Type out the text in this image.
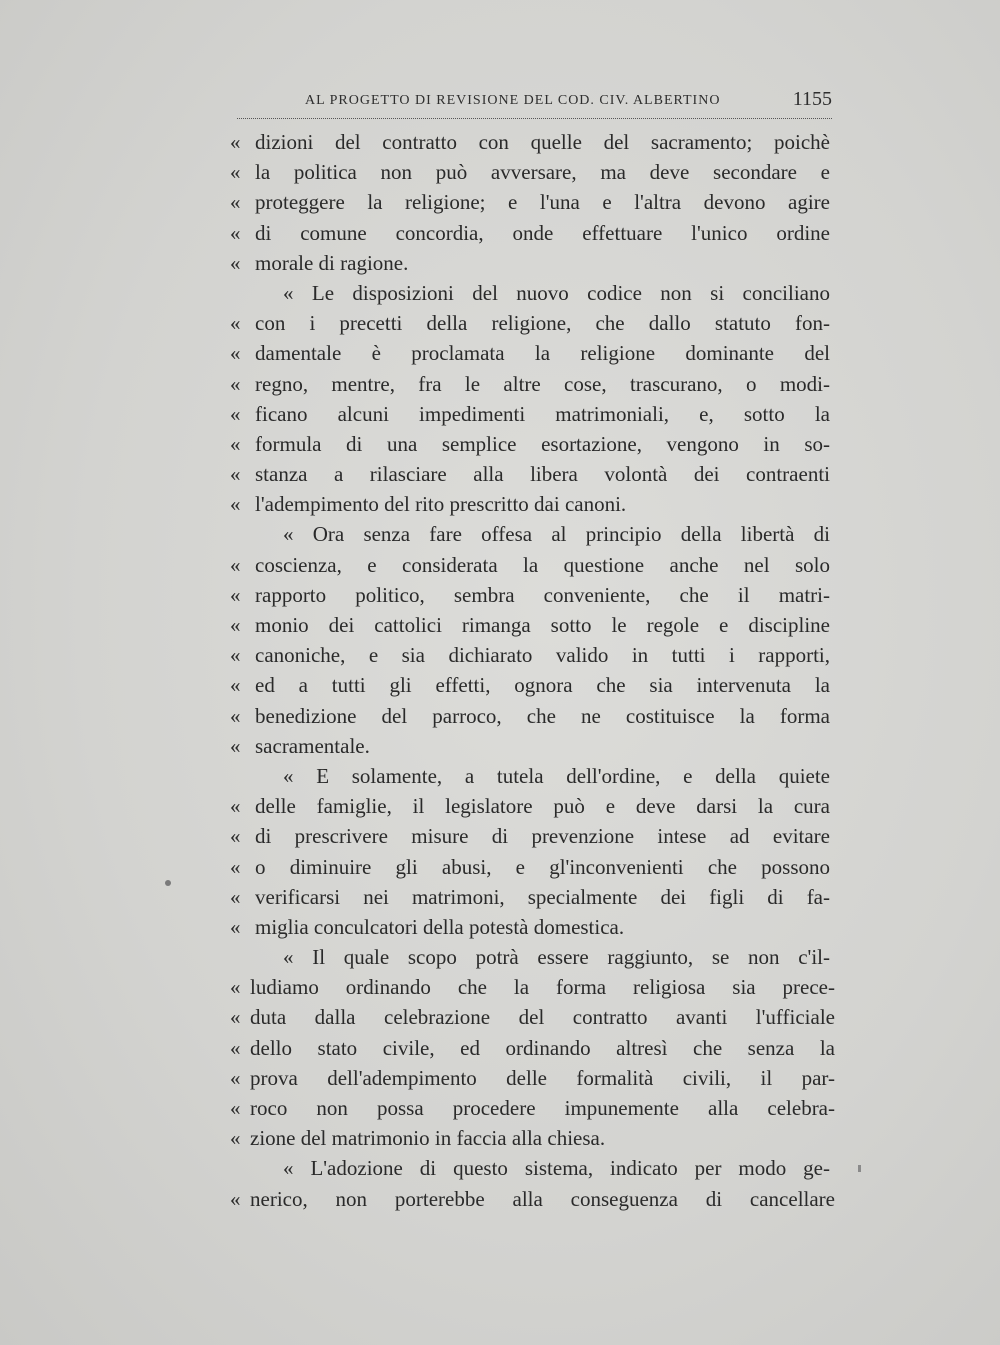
AL PROGETTO DI REVISIONE DEL COD. CIV. ALBERTINO	1155
« dizioni del contratto con quelle del sacramento; poichè
« la politica non può avversare, ma deve secondare e
« proteggere la religione; e l'una e l'altra devono agire
« di comune concordia, onde effettuare l'unico ordine
« morale di ragione.
« Le disposizioni del nuovo codice non si conciliano
« con i precetti della religione, che dallo statuto fon-
« damentale è proclamata la religione dominante del
« regno, mentre, fra le altre cose, trascurano, o modi-
« ficano alcuni impedimenti matrimoniali, e, sotto la
« formula di una semplice esortazione, vengono in so-
« stanza a rilasciare alla libera volontà dei contraenti
« l'adempimento del rito prescritto dai canoni.
« Ora senza fare offesa al principio della libertà di
« coscienza, e considerata la questione anche nel solo
« rapporto politico, sembra conveniente, che il matri-
« monio dei cattolici rimanga sotto le regole e discipline
« canoniche, e sia dichiarato valido in tutti i rapporti,
« ed a tutti gli effetti, ognora che sia intervenuta la
« benedizione del parroco, che ne costituisce la forma
« sacramentale.
« E solamente, a tutela dell'ordine, e della quiete
« delle famiglie, il legislatore può e deve darsi la cura
« di prescrivere misure di prevenzione intese ad evitare
« o diminuire gli abusi, e gl'inconvenienti che possono
« verificarsi nei matrimoni, specialmente dei figli di fa-
« miglia conculcatori della potestà domestica.
« Il quale scopo potrà essere raggiunto, se non c'il-
« ludiamo ordinando che la forma religiosa sia prece-
« duta dalla celebrazione del contratto avanti l'ufficiale
« dello stato civile, ed ordinando altresì che senza la
« prova dell'adempimento delle formalità civili, il par-
« roco non possa procedere impunemente alla celebra-
« zione del matrimonio in faccia alla chiesa.
« L'adozione di questo sistema, indicato per modo ge-
« nerico, non porterebbe alla conseguenza di cancellare
